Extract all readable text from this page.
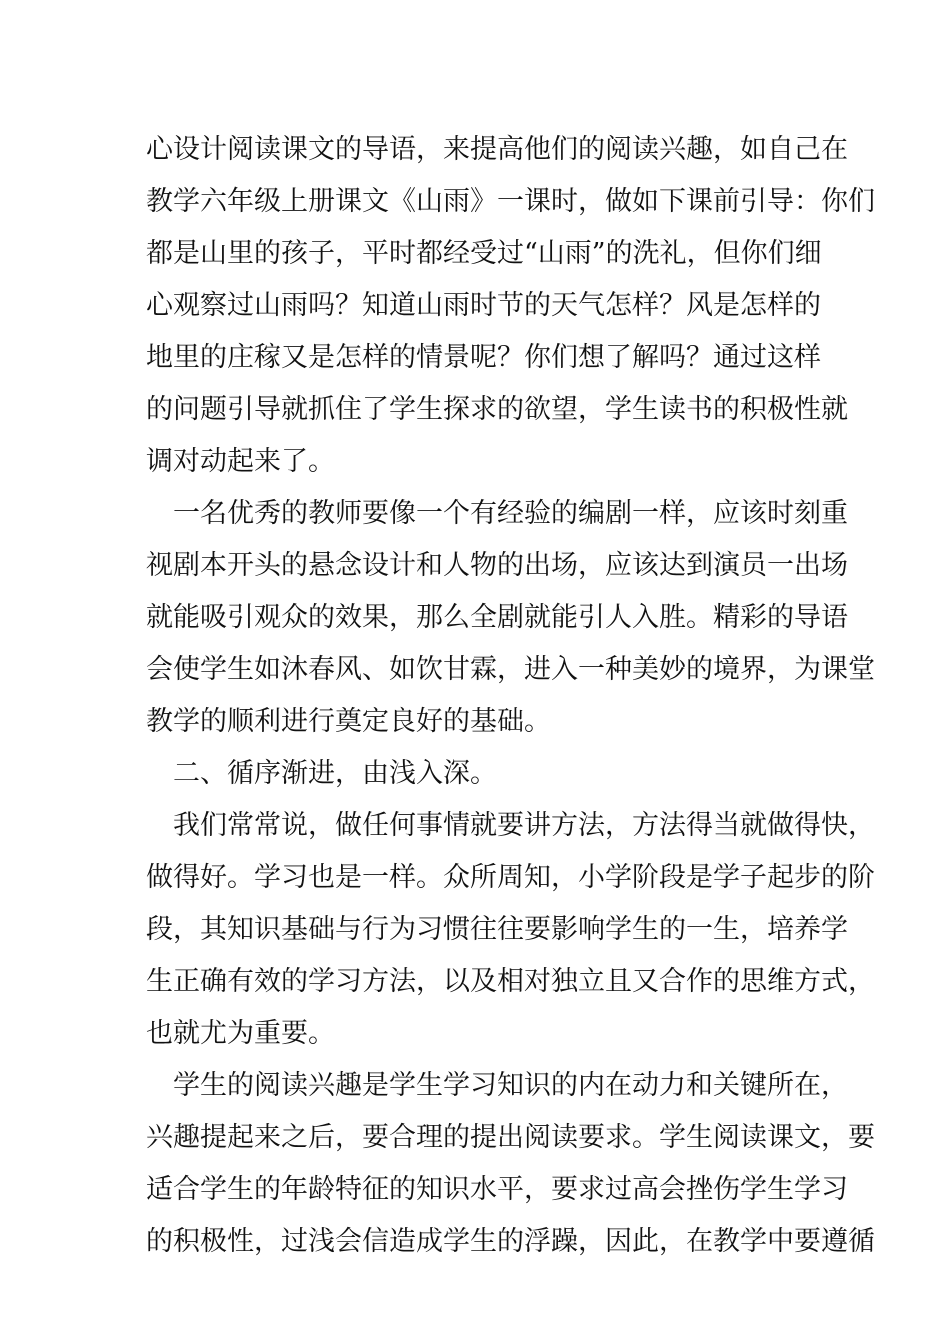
心设计阅读课文的导语，来提高他们的阅读兴趣，如自己在
教学六年级上册课文《山雨》一课时，做如下课前引导：你们
都是山里的孩子，平时都经受过“山雨”的洗礼，但你们细
心观察过山雨吗？知道山雨时节的天气怎样？风是怎样的
地里的庄稼又是怎样的情景呢？你们想了解吗？通过这样
的问题引导就抓住了学生探求的欲望，学生读书的积极性就
调对动起来了。
一名优秀的教师要像一个有经验的编剧一样，应该时刻重
视剧本开头的悬念设计和人物的出场，应该达到演员一出场
就能吸引观众的效果，那么全剧就能引人入胜。精彩的导语
会使学生如沐春风、如饮甘霖，进入一种美妙的境界，为课堂
教学的顺利进行奠定良好的基础。
二、循序渐进，由浅入深。
我们常常说，做任何事情就要讲方法，方法得当就做得快，
做得好。学习也是一样。众所周知，小学阶段是学子起步的阶
段，其知识基础与行为习惯往往要影响学生的一生，培养学
生正确有效的学习方法，以及相对独立且又合作的思维方式，
也就尤为重要。
学生的阅读兴趣是学生学习知识的内在动力和关键所在，
兴趣提起来之后，要合理的提出阅读要求。学生阅读课文，要
适合学生的年龄特征的知识水平，要求过高会挫伤学生学习
的积极性，过浅会信造成学生的浮躁，因此，在教学中要遵循
